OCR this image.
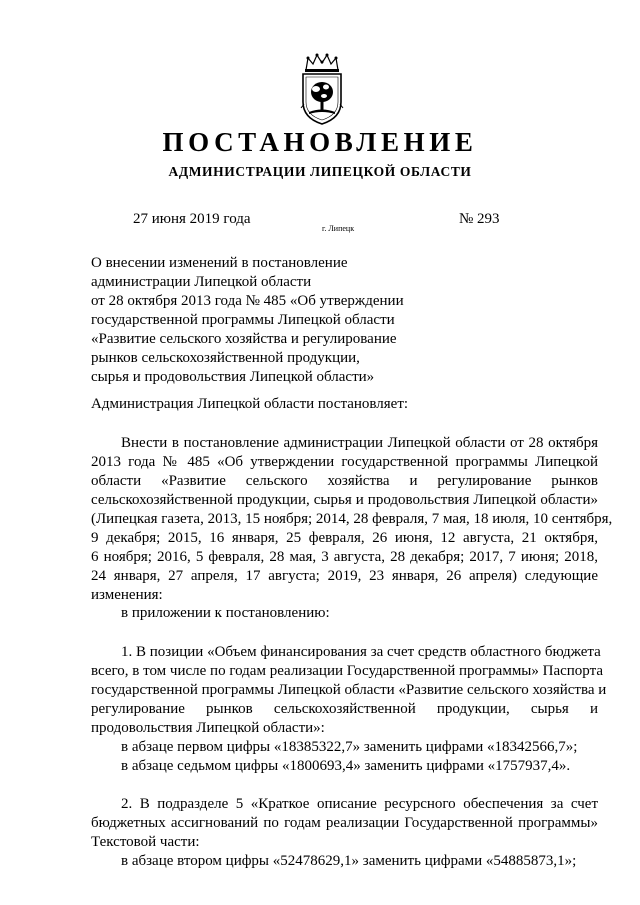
ПОСТАНОВЛЕНИЕ
АДМИНИСТРАЦИИ ЛИПЕЦКОЙ ОБЛАСТИ
27 июня 2019 года
г. Липецк
№ 293
О внесении изменений в постановление
администрации Липецкой области
от 28 октября 2013 года № 485 «Об утверждении
государственной программы Липецкой области
«Развитие сельского хозяйства и регулирование
рынков сельскохозяйственной продукции,
сырья и продовольствия Липецкой области»
Администрация Липецкой области постановляет:
Внести в постановление администрации Липецкой области от 28 октября
2013 года № 485 «Об утверждении государственной программы Липецкой
области «Развитие сельского хозяйства и регулирование рынков
сельскохозяйственной продукции, сырья и продовольствия Липецкой области»
(Липецкая газета, 2013, 15 ноября; 2014, 28 февраля, 7 мая, 18 июля, 10 сентября,
9 декабря; 2015, 16 января, 25 февраля, 26 июня, 12 августа, 21 октября,
6 ноября; 2016, 5 февраля, 28 мая, 3 августа, 28 декабря; 2017, 7 июня; 2018,
24 января, 27 апреля, 17 августа; 2019, 23 января, 26 апреля) следующие
изменения:
в приложении к постановлению:
1. В позиции «Объем финансирования за счет средств областного бюджета
всего, в том числе по годам реализации Государственной программы» Паспорта
государственной программы Липецкой области «Развитие сельского хозяйства и
регулирование рынков сельскохозяйственной продукции, сырья и
продовольствия Липецкой области»:
в абзаце первом цифры «18385322,7» заменить цифрами «18342566,7»;
в абзаце седьмом цифры «1800693,4» заменить цифрами «1757937,4».
2. В подразделе 5 «Краткое описание ресурсного обеспечения за счет
бюджетных ассигнований по годам реализации Государственной программы»
Текстовой части:
в абзаце втором цифры «52478629,1» заменить цифрами «54885873,1»;
